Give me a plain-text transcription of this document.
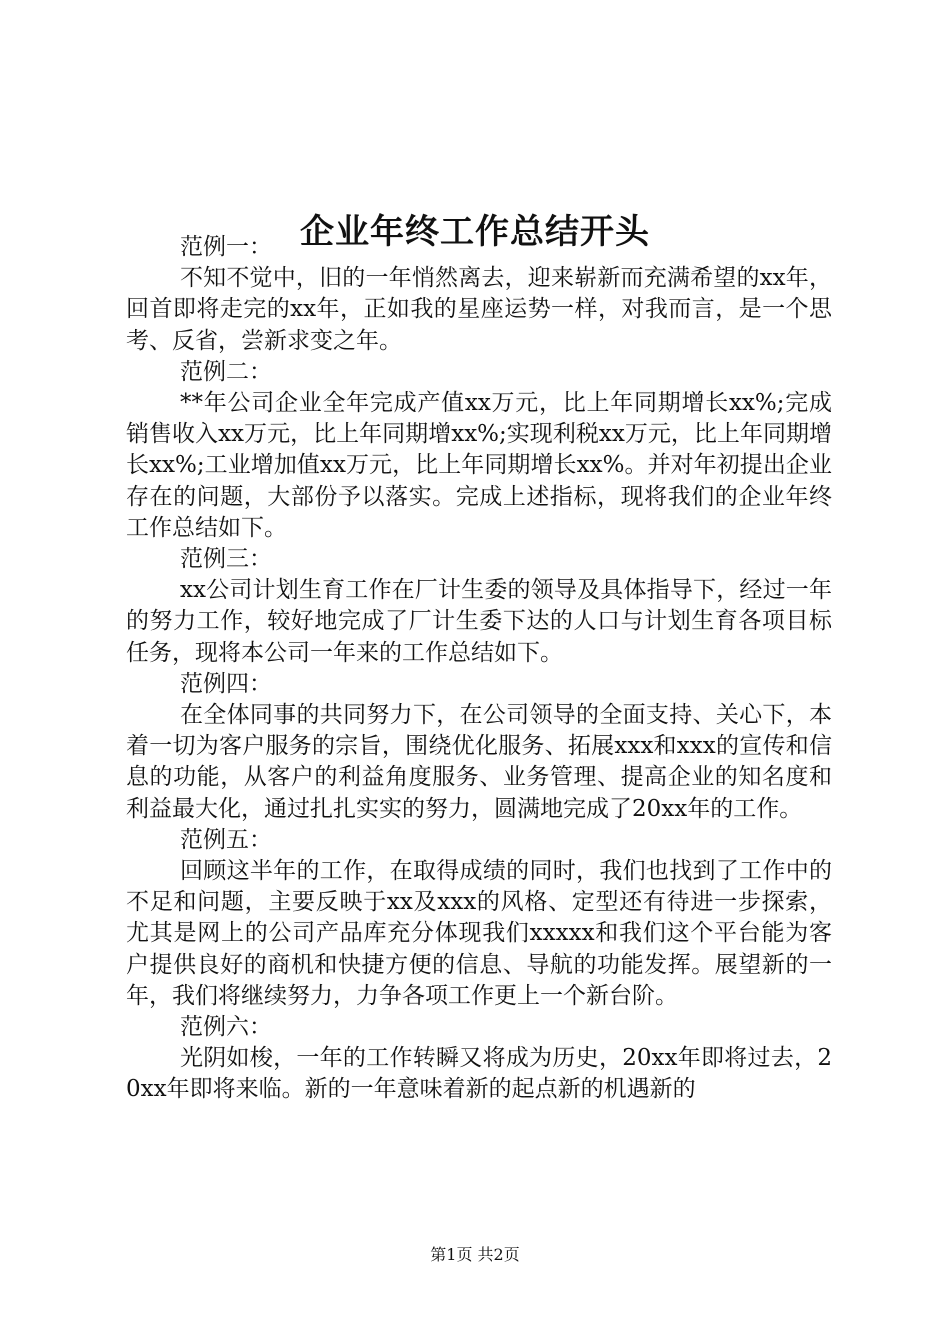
企业年终工作总结开头

范例一：

不知不觉中，旧的一年悄然离去，迎来崭新而充满希望的xx年，回首即将走完的xx年，正如我的星座运势一样，对我而言，是一个思考、反省，尝新求变之年。

范例二：

**年公司企业全年完成产值xx万元，比上年同期增长xx%;完成销售收入xx万元，比上年同期增xx%;实现利税xx万元，比上年同期增长xx%;工业增加值xx万元，比上年同期增长xx%。并对年初提出企业存在的问题，大部份予以落实。完成上述指标，现将我们的企业年终工作总结如下。

范例三：

xx公司计划生育工作在厂计生委的领导及具体指导下，经过一年的努力工作，较好地完成了厂计生委下达的人口与计划生育各项目标任务，现将本公司一年来的工作总结如下。

范例四：

在全体同事的共同努力下，在公司领导的全面支持、关心下，本着一切为客户服务的宗旨，围绕优化服务、拓展xxx和xxx的宣传和信息的功能，从客户的利益角度服务、业务管理、提高企业的知名度和利益最大化，通过扎扎实实的努力，圆满地完成了20xx年的工作。

范例五：

回顾这半年的工作，在取得成绩的同时，我们也找到了工作中的不足和问题，主要反映于xx及xxx的风格、定型还有待进一步探索，尤其是网上的公司产品库充分体现我们xxxxx和我们这个平台能为客户提供良好的商机和快捷方便的信息、导航的功能发挥。展望新的一年，我们将继续努力，力争各项工作更上一个新台阶。

范例六：

光阴如梭，一年的工作转瞬又将成为历史，20xx年即将过去，20xx年即将来临。新的一年意味着新的起点新的机遇新的

第1页 共2页
